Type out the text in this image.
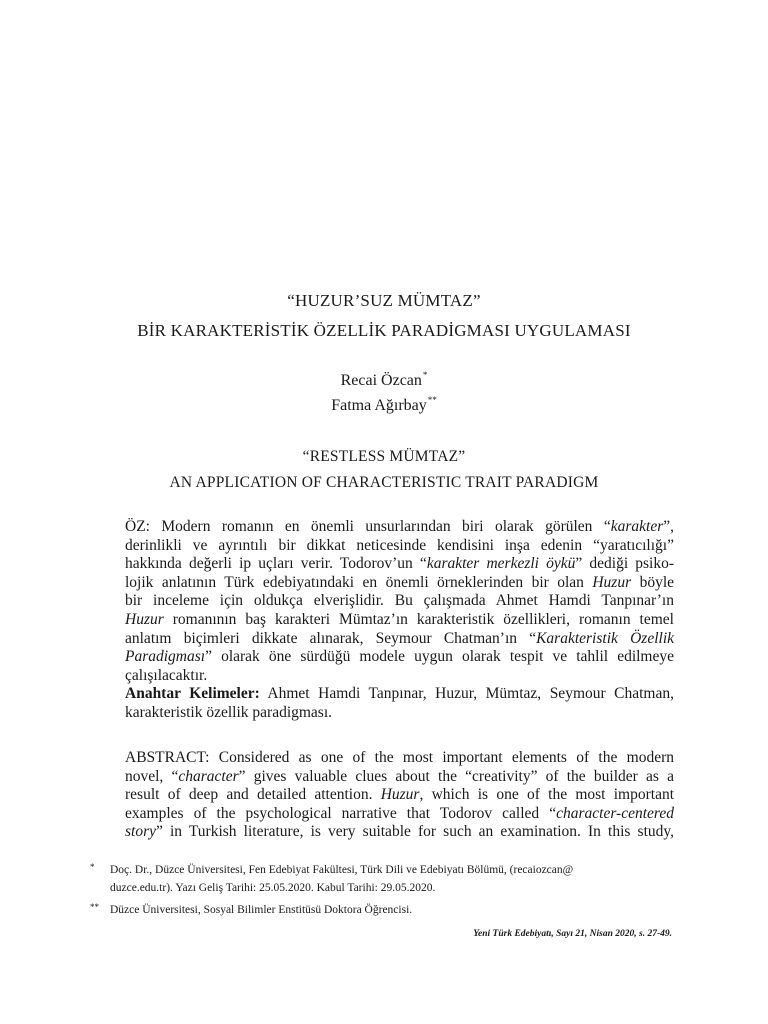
“HUZUR’SUZ MÜMTAZ”
BİR KARAKTERİSTİK ÖZELLİK PARADİGMASI UYGULAMASI
Recai Özcan*
Fatma Ağırbay**
“RESTLESS MÜMTAZ”
AN APPLICATION OF CHARACTERISTIC TRAIT PARADIGM
ÖZ: Modern romanın en önemli unsurlarından biri olarak görülen “karakter”,
derinlikli ve ayrıntılı bir dikkat neticesinde kendisini inşa edenin “yaratıcılığı”
hakkında değerli ip uçları verir. Todorov’un “karakter merkezli öykü” dediği psiko-
lojik anlatının Türk edebiyatındaki en önemli örneklerinden bir olan Huzur böyle
bir inceleme için oldukça elverişlidir. Bu çalışmada Ahmet Hamdi Tanpınar’ın
Huzur romanının baş karakteri Mümtaz’ın karakteristik özellikleri, romanın temel
anlatım biçimleri dikkate alınarak, Seymour Chatman’ın “Karakteristik Özellik
Paradigması” olarak öne sürdüğü modele uygun olarak tespit ve tahlil edilmeye
çalışılacaktır.
Anahtar Kelimeler: Ahmet Hamdi Tanpınar, Huzur, Mümtaz, Seymour Chatman,
karakteristik özellik paradigması.
ABSTRACT: Considered as one of the most important elements of the modern
novel, “character” gives valuable clues about the “creativity” of the builder as a
result of deep and detailed attention. Huzur, which is one of the most important
examples of the psychological narrative that Todorov called “character-centered
story” in Turkish literature, is very suitable for such an examination. In this study,
*	Doç. Dr., Düzce Üniversitesi, Fen Edebiyat Fakültesi, Türk Dili ve Edebiyatı Bölümü, (recaiozcan@
duzce.edu.tr). Yazı Geliş Tarihi: 25.05.2020. Kabul Tarihi: 29.05.2020.
** Düzce Üniversitesi, Sosyal Bilimler Enstitüsü Doktora Öğrencisi.
Yeni Türk Edebiyatı, Sayı 21, Nisan 2020, s. 27-49.
